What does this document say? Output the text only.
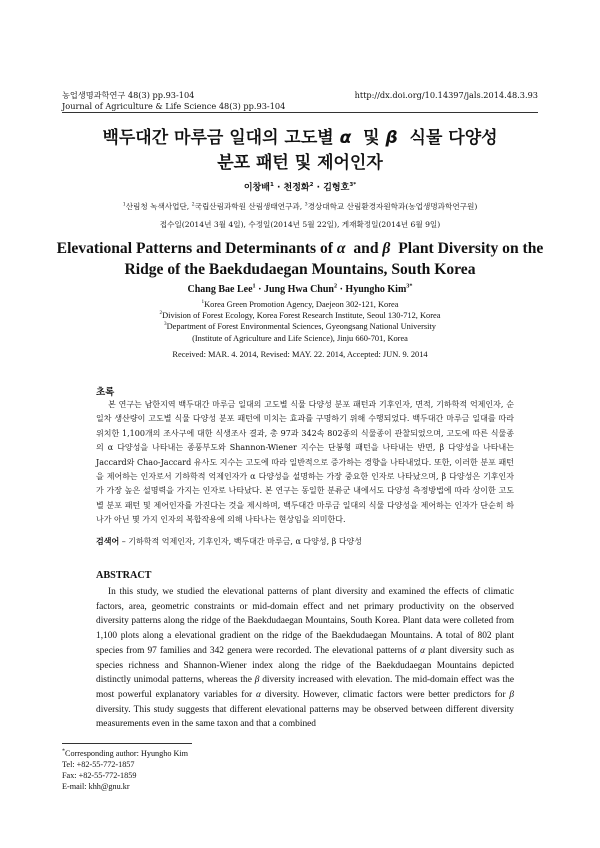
농업생명과학연구 48(3) pp.93-104	http://dx.doi.org/10.14397/jals.2014.48.3.93
Journal of Agriculture & Life Science 48(3) pp.93-104
백두대간 마루금 일대의 고도별 α 및 β 식물 다양성
분포 패턴 및 제어인자
이창배$^1$ · 천정화$^2$ · 김형호$^{3*}$
$^1$산림청 녹색사업단, $^2$국립산림과학원 산림생태연구과, $^3$경상대학교 산림환경자원학과(농업생명과학연구원)
접수일(2014년 3월 4일), 수정일(2014년 5월 22일), 게재확정일(2014년 6월 9일)
Elevational Patterns and Determinants of α and β Plant Diversity on the
Ridge of the Baekdudaegan Mountains, South Korea
Chang Bae Lee$^1$ · Jung Hwa Chun$^2$ · Hyungho Kim$^{3*}$
$^1$Korea Green Promotion Agency, Daejeon 302-121, Korea
$^2$Division of Forest Ecology, Korea Forest Research Institute, Seoul 130-712, Korea
$^3$Department of Forest Environmental Sciences, Gyeongsang National University
(Institute of Agriculture and Life Science), Jinju 660-701, Korea
Received: MAR. 4. 2014, Revised: MAY. 22. 2014, Accepted: JUN. 9. 2014
초록
본 연구는 남한지역 백두대간 마루금 일대의 고도별 식물 다양성 분포 패턴과 기후인자, 면적, 기하학적 억제인자, 순일차 생산량이 고도별 식물 다양성 분포 패턴에 미치는 효과를 구명하기 위해 수행되었다. 백두대간 마루금 일대를 따라 위치한 1,100개의 조사구에 대한 식생조사 결과, 총 97과 342속 802종의 식물종이 관찰되었으며, 고도에 따른 식물종의 α 다양성을 나타내는 종풍부도와 Shannon-Wiener 지수는 단봉형 패턴을 나타내는 반면, β 다양성을 나타내는 Jaccard와 Chao-Jaccard 유사도 지수는 고도에 따라 일반적으로 증가하는 경향을 나타내었다. 또한, 이러한 분포 패턴을 제어하는 인자로서 기하학적 억제인자가 α 다양성을 설명하는 가장 중요한 인자로 나타났으며, β 다양성은 기후인자가 가장 높은 설명력을 가지는 인자로 나타났다. 본 연구는 동일한 분류군 내에서도 다양성 측정방법에 따라 상이한 고도별 분포 패턴 및 제어인자를 가진다는 것을 제시하며, 백두대간 마루금 일대의 식물 다양성을 제어하는 인자가 단순히 하나가 아닌 몇 가지 인자의 복합작용에 의해 나타나는 현상임을 의미한다.
검색어 – 기하학적 억제인자, 기후인자, 백두대간 마루금, α 다양성, β 다양성
ABSTRACT
In this study, we studied the elevational patterns of plant diversity and examined the effects of climatic factors, area, geometric constraints or mid-domain effect and net primary productivity on the observed diversity patterns along the ridge of the Baekdudaegan Mountains, South Korea. Plant data were colleted from 1,100 plots along a elevational gradient on the ridge of the Baekdudaegan Mountains. A total of 802 plant species from 97 families and 342 genera were recorded. The elevational patterns of α plant diversity such as species richness and Shannon-Wiener index along the ridge of the Baekdudaegan Mountains depicted distinctly unimodal patterns, whereas the β diversity increased with elevation. The mid-domain effect was the most powerful explanatory variables for α diversity. However, climatic factors were better predictors for β diversity. This study suggests that different elevational patterns may be observed between different diversity measurements even in the same taxon and that a combined
*Corresponding author: Hyungho Kim
Tel: +82-55-772-1857
Fax: +82-55-772-1859
E-mail: khh@gnu.kr
